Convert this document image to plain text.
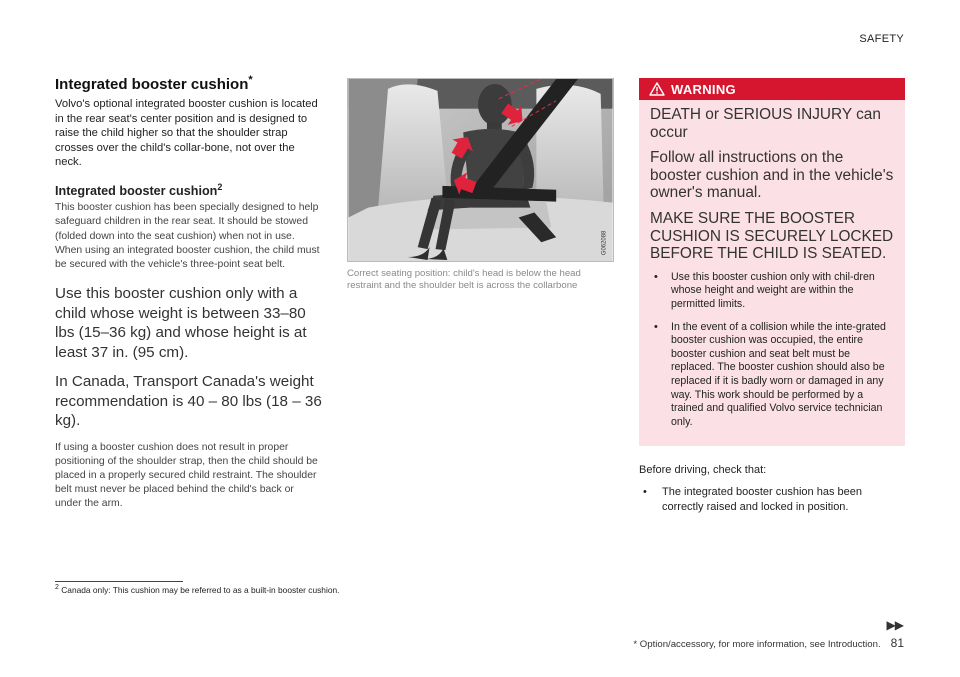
SAFETY
Integrated booster cushion*

Volvo's optional integrated booster cushion is located in the rear seat's center position and is designed to raise the child higher so that the shoulder strap crosses over the child's collar-bone, not over the neck.

Integrated booster cushion$^2$

This booster cushion has been specially designed to help safeguard children in the rear seat. It should be stowed (folded down into the seat cushion) when not in use. When using an integrated booster cushion, the child must be secured with the vehicle's three-point seat belt.

Use this booster cushion only with a child whose weight is between 33–80 lbs (15–36 kg) and whose height is at least 37 in. (95 cm).

In Canada, Transport Canada's weight recommendation is 40 – 80 lbs (18 – 36 kg).

If using a booster cushion does not result in proper positioning of the shoulder strap, then the child should be placed in a properly secured child restraint. The shoulder belt must never be placed behind the child's back or under the arm.

G062088
Correct seating position: child's head is below the head restraint and the shoulder belt is across the collarbone
WARNING

DEATH or SERIOUS INJURY can occur

Follow all instructions on the booster cushion and in the vehicle's owner's manual.

MAKE SURE THE BOOSTER CUSHION IS SECURELY LOCKED BEFORE THE CHILD IS SEATED.

• Use this booster cushion only with chil-dren whose height and weight are within the permitted limits.
• In the event of a collision while the inte-grated booster cushion was occupied, the entire booster cushion and seat belt must be replaced. The booster cushion should also be replaced if it is badly worn or damaged in any way. This work should be performed by a trained and qualified Volvo service technician only.

Before driving, check that:

• The integrated booster cushion has been correctly raised and locked in position.
$^2$ Canada only: This cushion may be referred to as a built-in booster cushion.
▶▶
* Option/accessory, for more information, see Introduction. 81
